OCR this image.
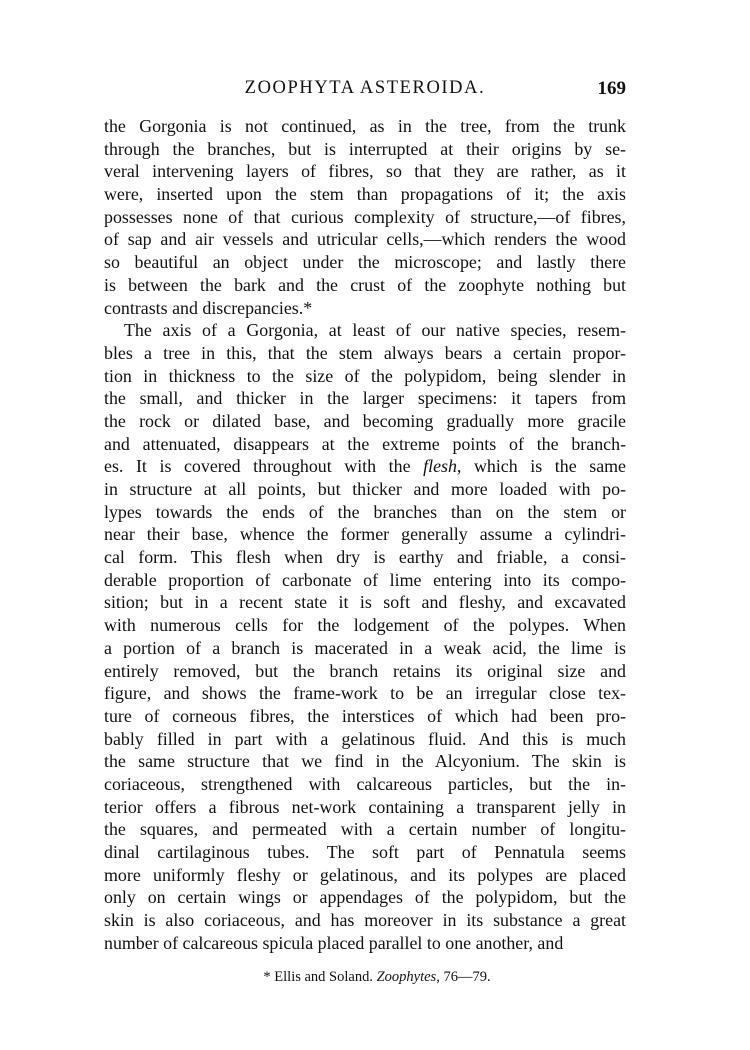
ZOOPHYTA ASTEROIDA.	169
the Gorgonia is not continued, as in the tree, from the trunk
through the branches, but is interrupted at their origins by se-
veral intervening layers of fibres, so that they are rather, as it
were, inserted upon the stem than propagations of it; the axis
possesses none of that curious complexity of structure,—of fibres,
of sap and air vessels and utricular cells,—which renders the wood
so beautiful an object under the microscope; and lastly there
is between the bark and the crust of the zoophyte nothing but
contrasts and discrepancies.*
The axis of a Gorgonia, at least of our native species, resem-
bles a tree in this, that the stem always bears a certain propor-
tion in thickness to the size of the polypidom, being slender in
the small, and thicker in the larger specimens: it tapers from
the rock or dilated base, and becoming gradually more gracile
and attenuated, disappears at the extreme points of the branch-
es. It is covered throughout with the flesh, which is the same
in structure at all points, but thicker and more loaded with po-
lypes towards the ends of the branches than on the stem or
near their base, whence the former generally assume a cylindri-
cal form. This flesh when dry is earthy and friable, a consi-
derable proportion of carbonate of lime entering into its compo-
sition; but in a recent state it is soft and fleshy, and excavated
with numerous cells for the lodgement of the polypes. When
a portion of a branch is macerated in a weak acid, the lime is
entirely removed, but the branch retains its original size and
figure, and shows the frame-work to be an irregular close tex-
ture of corneous fibres, the interstices of which had been pro-
bably filled in part with a gelatinous fluid. And this is much
the same structure that we find in the Alcyonium. The skin is
coriaceous, strengthened with calcareous particles, but the in-
terior offers a fibrous net-work containing a transparent jelly in
the squares, and permeated with a certain number of longitu-
dinal cartilaginous tubes. The soft part of Pennatula seems
more uniformly fleshy or gelatinous, and its polypes are placed
only on certain wings or appendages of the polypidom, but the
skin is also coriaceous, and has moreover in its substance a great
number of calcareous spicula placed parallel to one another, and
* Ellis and Soland. Zoophytes, 76—79.
